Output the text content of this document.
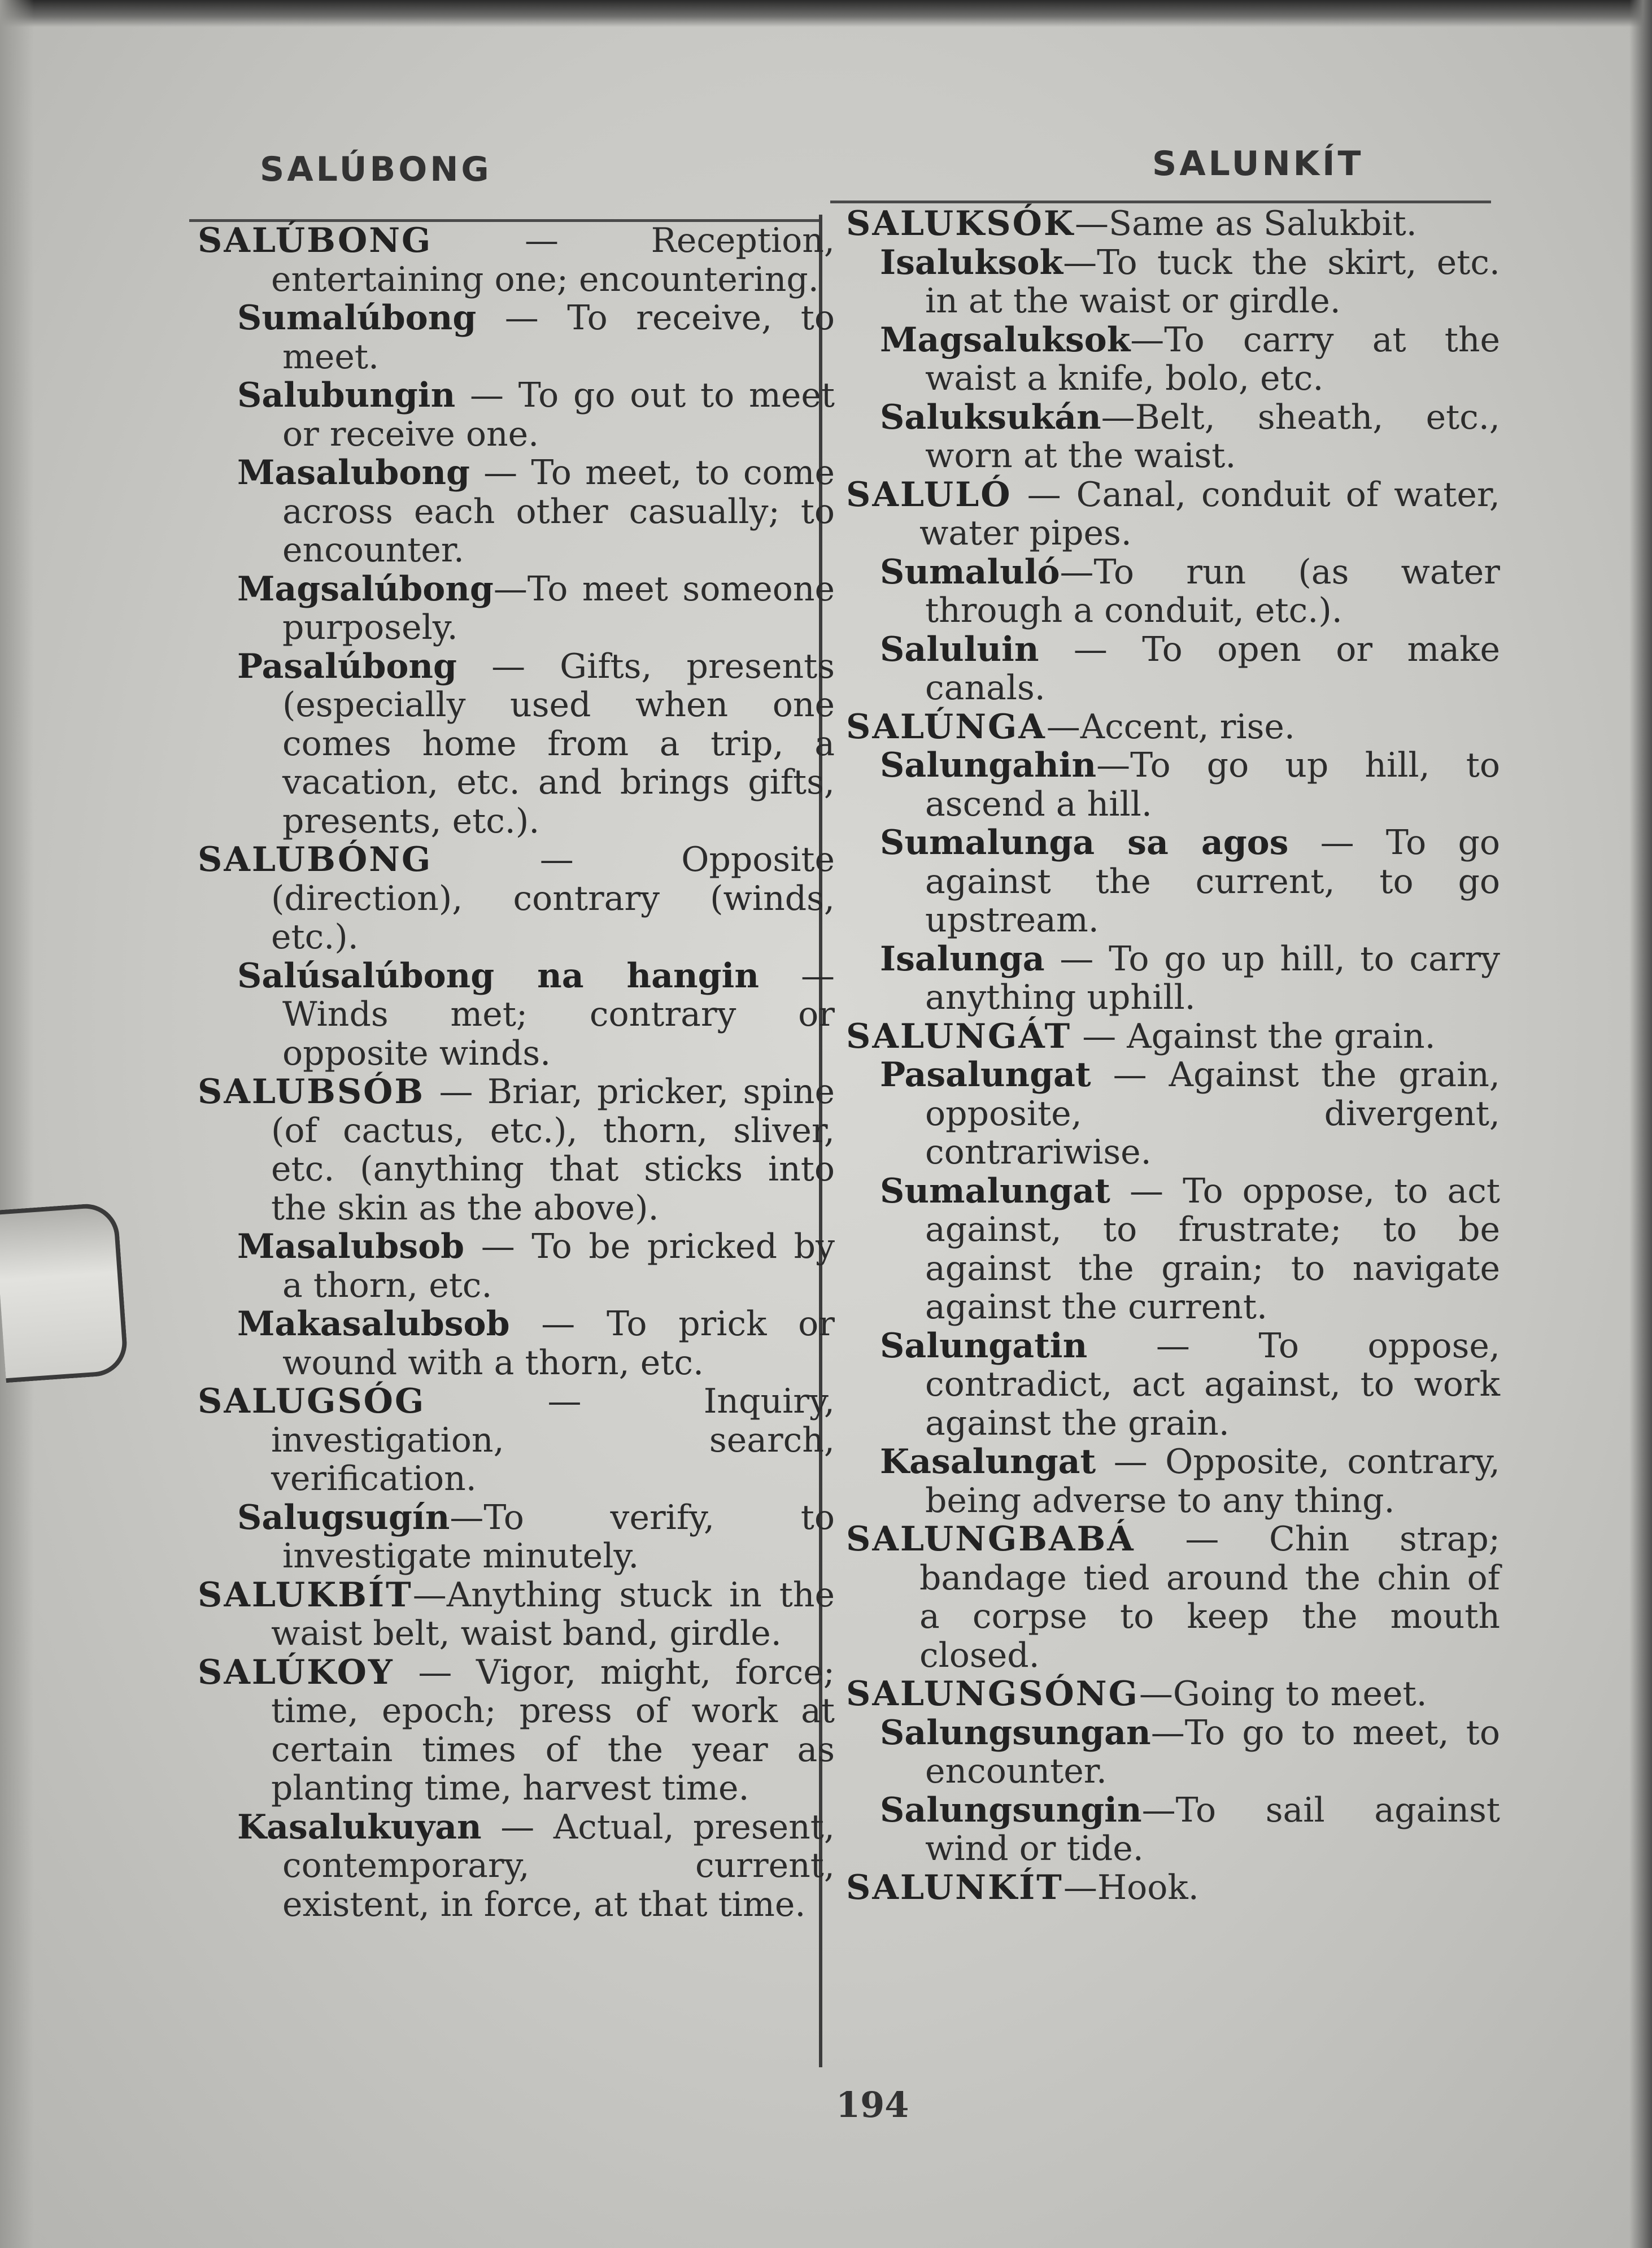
SALÚBONG	SALUNKÍT

SALÚBONG — Reception, entertaining one; encountering.

Sumalúbong — To receive, to meet.

Salubungin — To go out to meet or receive one.

Masalubong — To meet, to come across each other casually; to encounter.

Magsalúbong—To meet someone purposely.

Pasalúbong — Gifts, presents (especially used when one comes home from a trip, a vacation, etc. and brings gifts, presents, etc.).

SALUBÓNG — Opposite (direction), contrary (winds, etc.).

Salúsalúbong na hangin — Winds met; contrary or opposite winds.

SALUBSÓB — Briar, pricker, spine (of cactus, etc.), thorn, sliver, etc. (anything that sticks into the skin as the above).

Masalubsob — To be pricked by a thorn, etc.

Makasalubsob — To prick or wound with a thorn, etc.

SALUGSÓG — Inquiry, investigation, search, verification.

Salugsugín—To verify, to investigate minutely.

SALUKBÍT—Anything stuck in the waist belt, waist band, girdle.

SALÚKOY — Vigor, might, force; time, epoch; press of work at certain times of the year as planting time, harvest time.

Kasalukuyan — Actual, present, contemporary, current, existent, in force, at that time.

SALUKSÓK—Same as Salukbit.

Isaluksok—To tuck the skirt, etc. in at the waist or girdle.

Magsaluksok—To carry at the waist a knife, bolo, etc.

Saluksukán—Belt, sheath, etc., worn at the waist.

SALULÓ — Canal, conduit of water, water pipes.

Sumaluló—To run (as water through a conduit, etc.).

Saluluin — To open or make canals.

SALÚNGA—Accent, rise.

Salungahin—To go up hill, to ascend a hill.

Sumalunga sa agos — To go against the current, to go upstream.

Isalunga — To go up hill, to carry anything uphill.

SALUNGÁT — Against the grain.

Pasalungat — Against the grain, opposite, divergent, contrariwise.

Sumalungat — To oppose, to act against, to frustrate; to be against the grain; to navigate against the current.

Salungatin — To oppose, contradict, act against, to work against the grain.

Kasalungat — Opposite, contrary, being adverse to any thing.

SALUNGBABÁ — Chin strap; bandage tied around the chin of a corpse to keep the mouth closed.

SALUNGSÓNG—Going to meet.

Salungsungan—To go to meet, to encounter.

Salungsungin—To sail against wind or tide.

SALUNKÍT—Hook.

194
